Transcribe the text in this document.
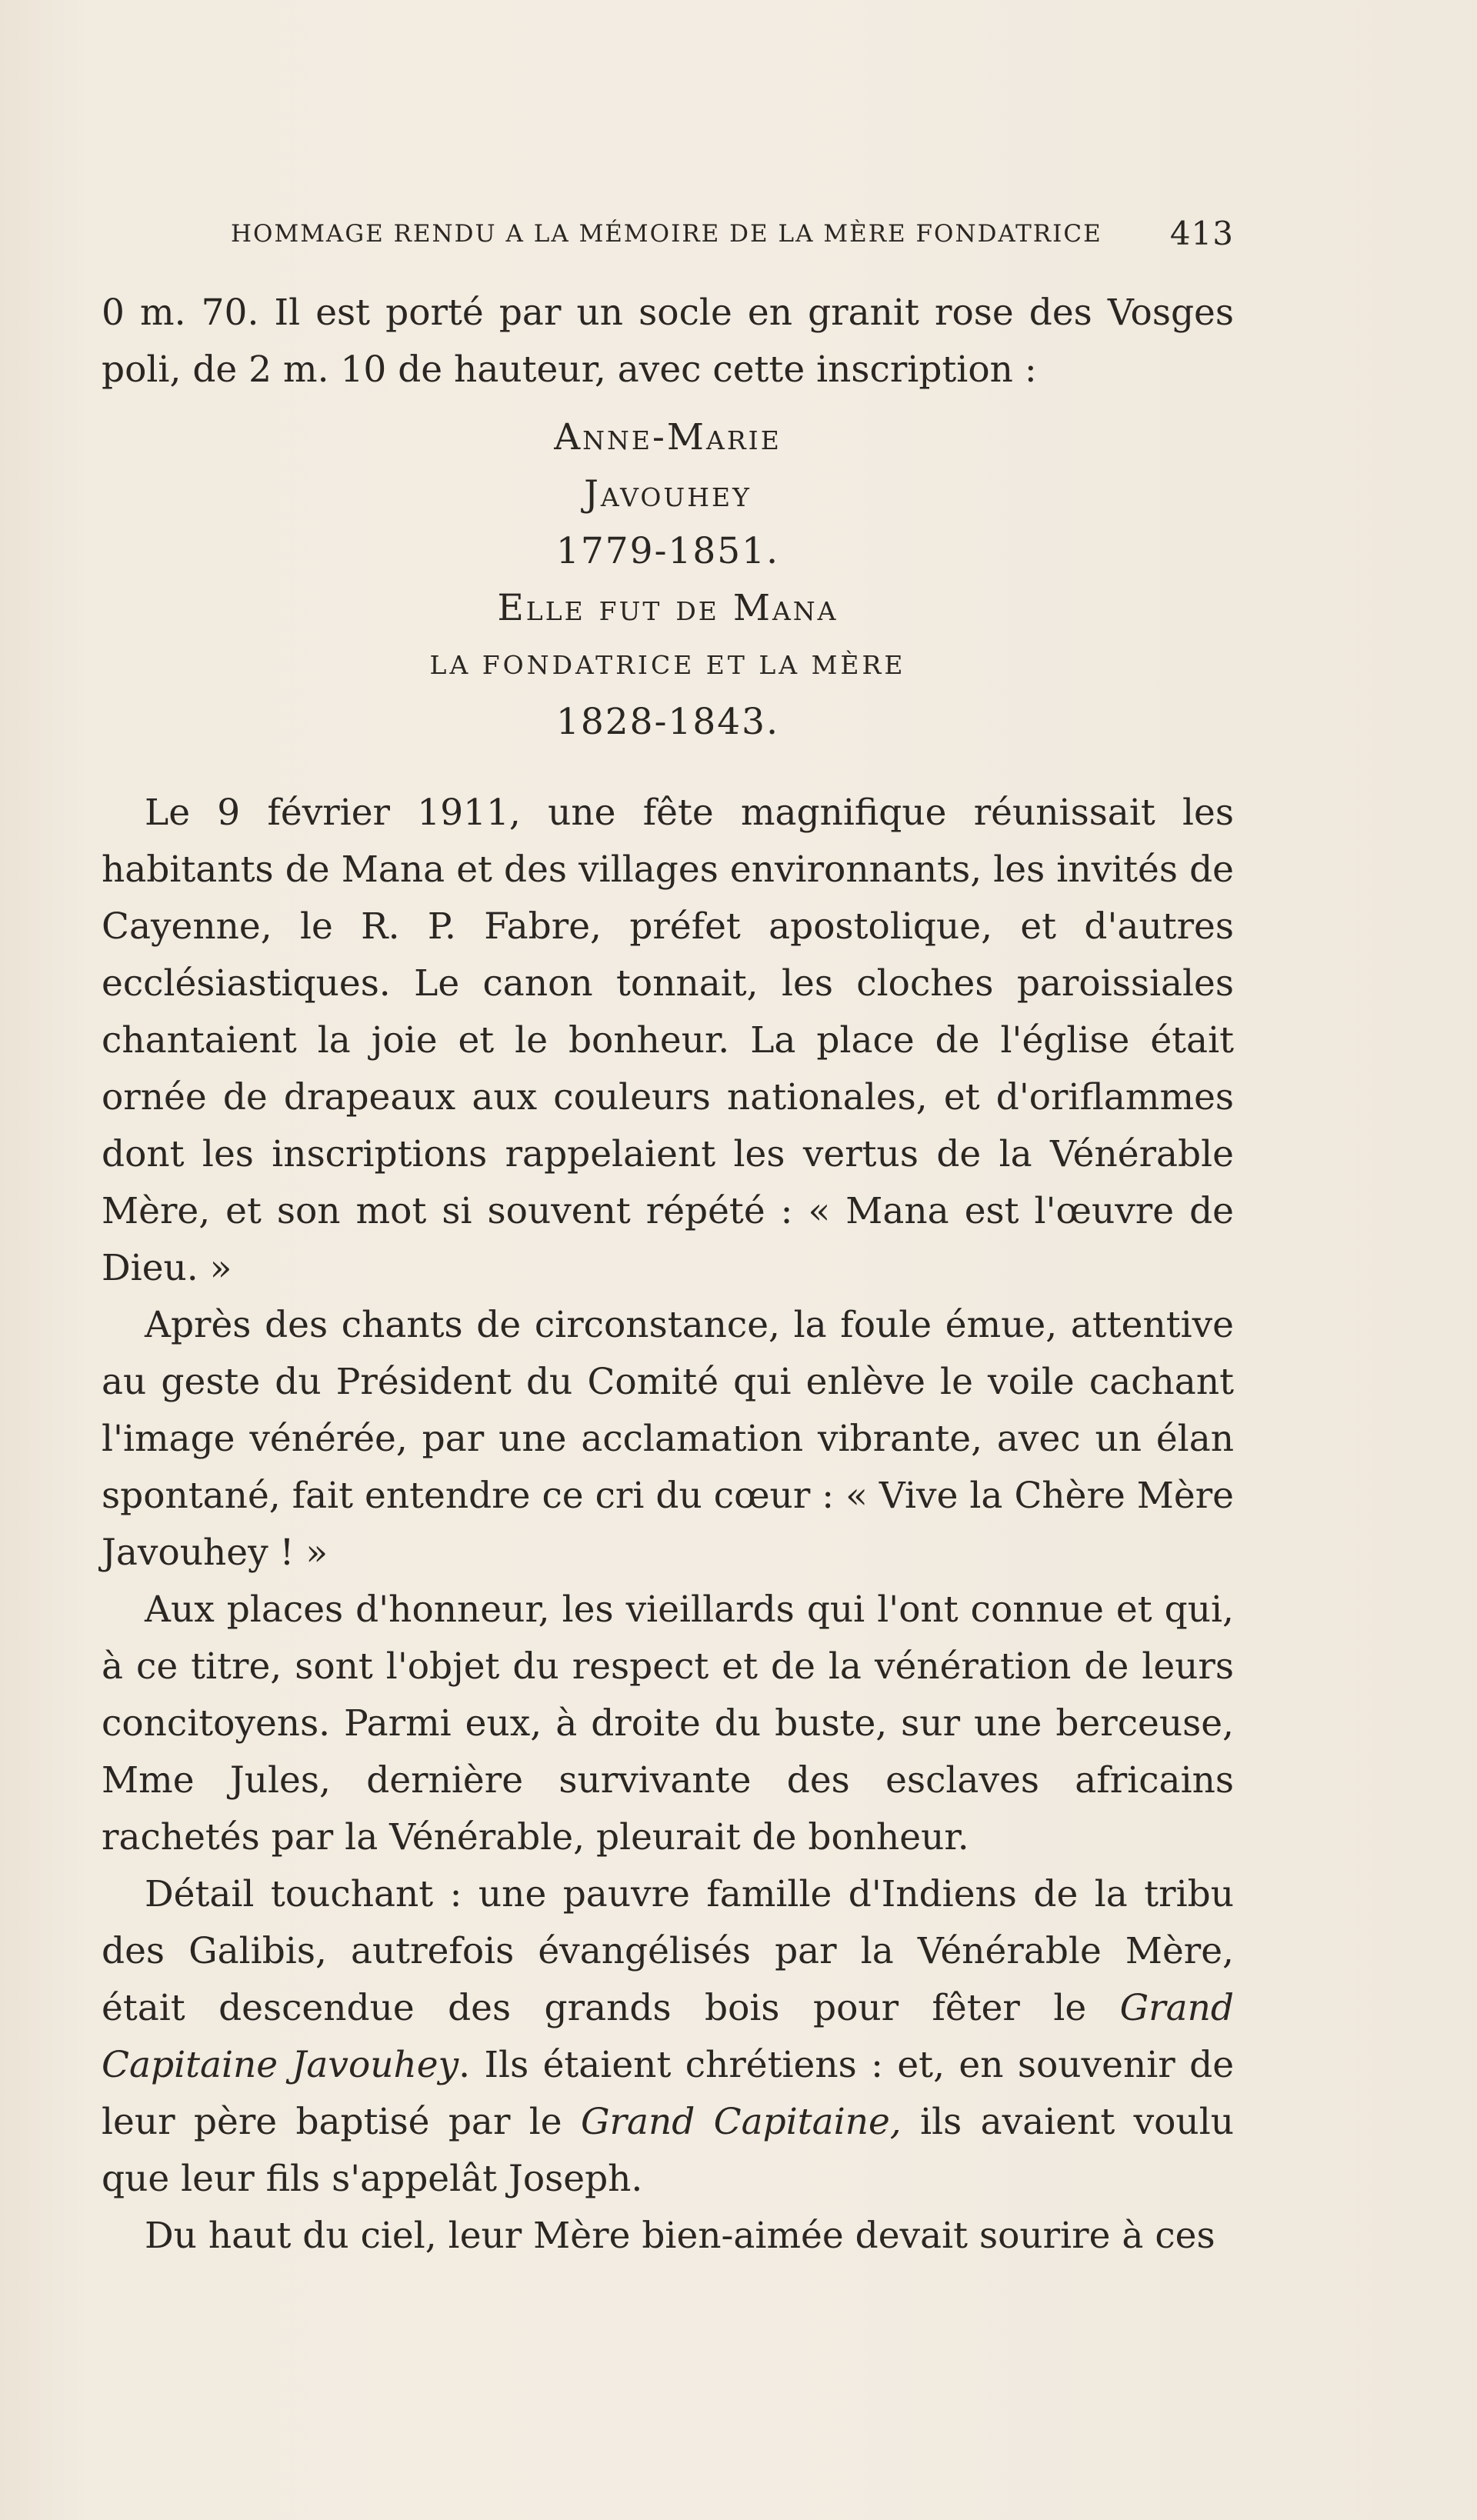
HOMMAGE RENDU A LA MÉMOIRE DE LA MÈRE FONDATRICE 413

0 m. 70. Il est porté par un socle en granit rose des Vosges poli, de 2 m. 10 de hauteur, avec cette inscription :

Anne-Marie
Javouhey
1779-1851.
Elle fut de Mana
LA FONDATRICE ET LA MÈRE
1828-1843.

Le 9 février 1911, une fête magnifique réunissait les habitants de Mana et des villages environnants, les invités de Cayenne, le R. P. Fabre, préfet apostolique, et d'autres ecclésiastiques. Le canon tonnait, les cloches paroissiales chantaient la joie et le bonheur. La place de l'église était ornée de drapeaux aux couleurs nationales, et d'oriflammes dont les inscriptions rappelaient les vertus de la Vénérable Mère, et son mot si souvent répété : « Mana est l'œuvre de Dieu. »

Après des chants de circonstance, la foule émue, attentive au geste du Président du Comité qui enlève le voile cachant l'image vénérée, par une acclamation vibrante, avec un élan spontané, fait entendre ce cri du cœur : « Vive la Chère Mère Javouhey ! »

Aux places d'honneur, les vieillards qui l'ont connue et qui, à ce titre, sont l'objet du respect et de la vénération de leurs concitoyens. Parmi eux, à droite du buste, sur une berceuse, Mme Jules, dernière survivante des esclaves africains rachetés par la Vénérable, pleurait de bonheur.

Détail touchant : une pauvre famille d'Indiens de la tribu des Galibis, autrefois évangélisés par la Vénérable Mère, était descendue des grands bois pour fêter le Grand Capitaine Javouhey. Ils étaient chrétiens : et, en souvenir de leur père baptisé par le Grand Capitaine, ils avaient voulu que leur fils s'appelât Joseph.

Du haut du ciel, leur Mère bien-aimée devait sourire à ces
